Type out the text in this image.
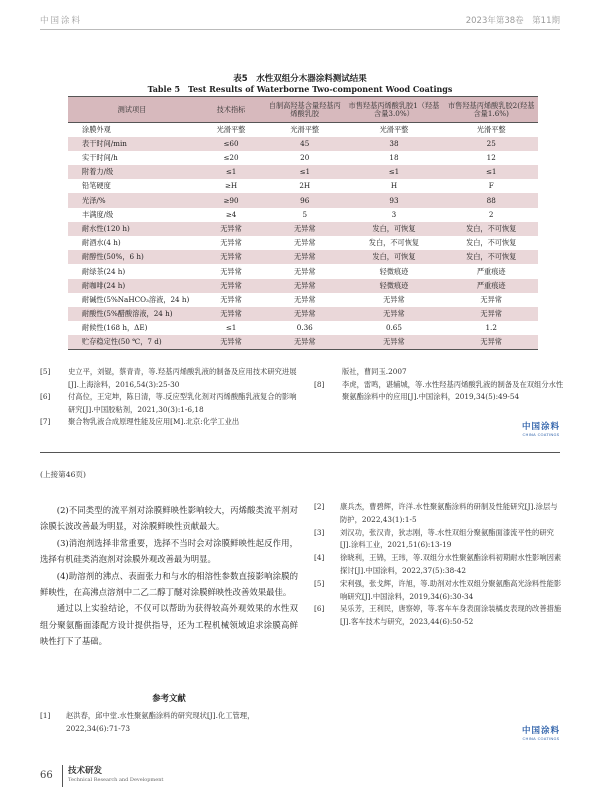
中国涂料	2023年第38卷　第11期
表5　水性双组分木器涂料测试结果
Table 5　Test Results of Waterborne Two-component Wood Coatings
测试项目	技术指标	自制高羟基含量羟基丙烯酸乳胶	市售羟基丙烯酸乳胶1（羟基含量3.0%）	市售羟基丙烯酸乳胶2(羟基含量1.6%)
涂膜外观	光滑平整	光滑平整	光滑平整	光滑平整
表干时间/min	≤60	45	38	25
实干时间/h	≤20	20	18	12
附着力/级	≤1	≤1	≤1	≤1
铅笔硬度	≥H	2H	H	F
光泽/%	≥90	96	93	88
丰满度/级	≥4	5	3	2
耐水性(120 h)	无异常	无异常	发白，可恢复	发白，不可恢复
耐酒水(4 h)	无异常	无异常	发白，不可恢复	发白，不可恢复
耐醇性(50%，6 h)	无异常	无异常	发白，可恢复	发白，不可恢复
耐绿茶(24 h)	无异常	无异常	轻微痕迹	严重痕迹
耐咖啡(24 h)	无异常	无异常	轻微痕迹	严重痕迹
耐碱性(5%NaHCO₃溶液，24 h)	无异常	无异常	无异常	无异常
耐酸性(5%醋酸溶液，24 h)	无异常	无异常	无异常	无异常
耐候性(168 h，ΔE)	≤1	0.36	0.65	1.2
贮存稳定性(50 ℃，7 d)	无异常	无异常	无异常	无异常
[5] 史立平，刘锟，蔡青青，等.羟基丙烯酸乳液的制备及应用技术研究进展[J].上海涂料，2016,54(3):25-30
[6] 付高位，王定坤，陈日清，等.反应型乳化剂对丙烯酸酯乳液复合的影响研究[J].中国胶粘剂，2021,30(3):1-6,18
[7] 聚合物乳液合成原理性能及应用[M].北京:化学工业出
版社，曹同玉.2007
[8] 李虎，雷鸣，谌辅城，等.水性羟基丙烯酸乳液的制备及在双组分水性聚氨酯涂料中的应用[J].中国涂料，2019,34(5):49-54
中国涂料
CHINA COATINGS
(上接第46页)

(2)不同类型的流平剂对涂膜鲜映性影响较大，丙烯酸类流平剂对涂膜长波改善最为明显，对涂膜鲜映性贡献最大。

(3)消泡剂选择非常重要，选择不当时会对涂膜鲜映性起反作用，选择有机硅类消泡剂对涂膜外观改善最为明显。

(4)助溶剂的沸点、表面张力和与水的相溶性参数直接影响涂膜的鲜映性，在高沸点溶剂中二乙二醇丁醚对涂膜鲜映性改善效果最佳。

通过以上实验结论，不仅可以帮助为获得较高外观效果的水性双组分聚氨酯面漆配方设计提供指导，还为工程机械领域追求涂膜高鲜映性打下了基础。

参考文献
[1] 赵洪春，邱中堂.水性聚氨酯涂料的研究现状[J].化工管理，2022,34(6):71-73
[2] 康兵杰，曹碧辉，许洋.水性聚氨酯涂料的研制及性能研究[J].涂层与防护，2022,43(1):1-5
[3] 刘汉功，张汉青，狄志刚，等.水性双组分聚氨酯面漆流平性的研究[J].涂料工业，2021,51(6):13-19
[4] 徐晓利，王锦，王玮，等.双组分水性聚氨酯涂料初期耐水性影响因素探讨[J].中国涂料，2022,37(5):38-42
[5] 宋利强，张戈辉，许旭，等.助剂对水性双组分聚氨酯高光涂料性能影响研究[J].中国涂料，2019,34(6):30-34
[6] 吴乐芳，王利民，唐察婷，等.客车车身表面涂装橘皮表现的改善措施[J].客车技术与研究，2023,44(6):50-52
中国涂料
CHINA COATINGS
66 技术研发
Technical Research and Development
